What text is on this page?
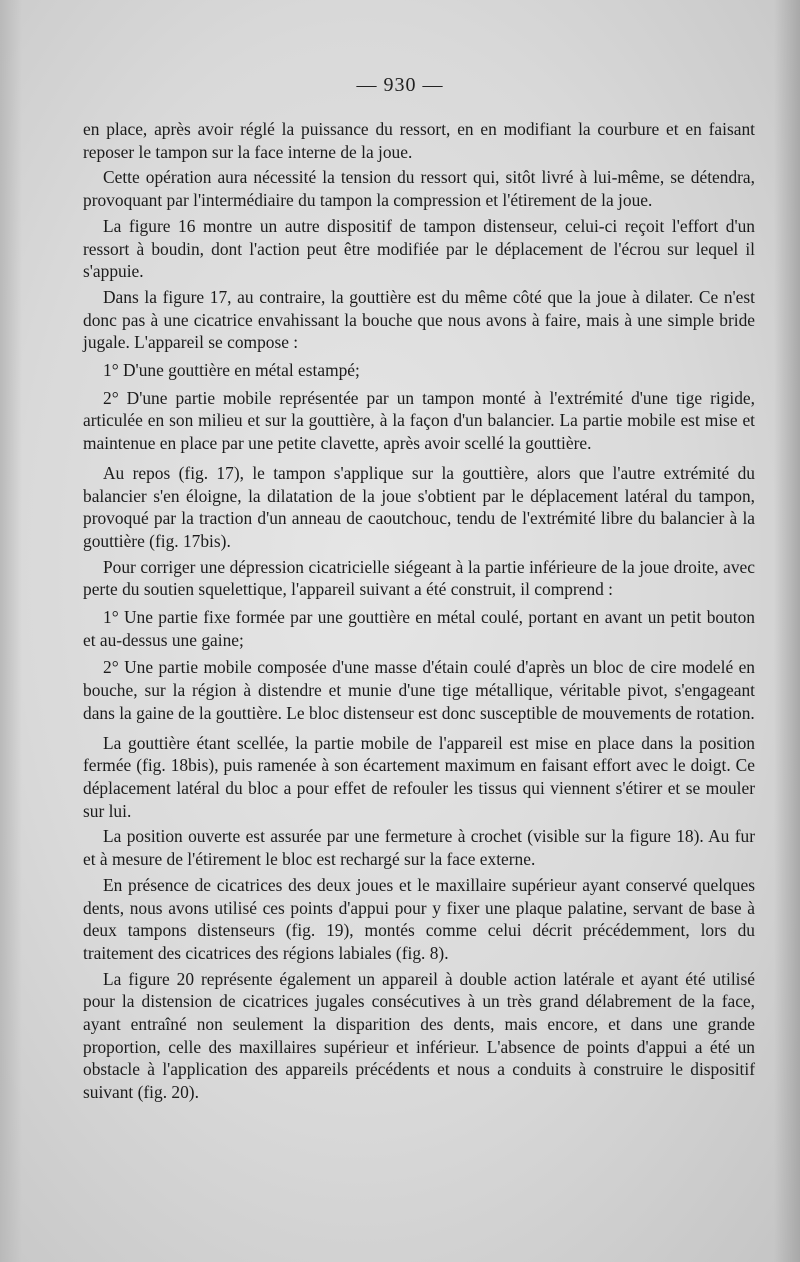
— 930 —

en place, après avoir réglé la puissance du ressort, en en modifiant la courbure et en faisant reposer le tampon sur la face interne de la joue.

Cette opération aura nécessité la tension du ressort qui, sitôt livré à lui-même, se détendra, provoquant par l'intermédiaire du tampon la compression et l'étirement de la joue.

La figure 16 montre un autre dispositif de tampon distenseur, celui-ci reçoit l'effort d'un ressort à boudin, dont l'action peut être modifiée par le déplacement de l'écrou sur lequel il s'appuie.

Dans la figure 17, au contraire, la gouttière est du même côté que la joue à dilater. Ce n'est donc pas à une cicatrice envahissant la bouche que nous avons à faire, mais à une simple bride jugale. L'appareil se compose :

1° D'une gouttière en métal estampé;

2° D'une partie mobile représentée par un tampon monté à l'extrémité d'une tige rigide, articulée en son milieu et sur la gouttière, à la façon d'un balancier. La partie mobile est mise et maintenue en place par une petite clavette, après avoir scellé la gouttière.

Au repos (fig. 17), le tampon s'applique sur la gouttière, alors que l'autre extrémité du balancier s'en éloigne, la dilatation de la joue s'obtient par le déplacement latéral du tampon, provoqué par la traction d'un anneau de caoutchouc, tendu de l'extrémité libre du balancier à la gouttière (fig. 17bis).

Pour corriger une dépression cicatricielle siégeant à la partie inférieure de la joue droite, avec perte du soutien squelettique, l'appareil suivant a été construit, il comprend :

1° Une partie fixe formée par une gouttière en métal coulé, portant en avant un petit bouton et au-dessus une gaine;

2° Une partie mobile composée d'une masse d'étain coulé d'après un bloc de cire modelé en bouche, sur la région à distendre et munie d'une tige métallique, véritable pivot, s'engageant dans la gaine de la gouttière. Le bloc distenseur est donc susceptible de mouvements de rotation.

La gouttière étant scellée, la partie mobile de l'appareil est mise en place dans la position fermée (fig. 18bis), puis ramenée à son écartement maximum en faisant effort avec le doigt. Ce déplacement latéral du bloc a pour effet de refouler les tissus qui viennent s'étirer et se mouler sur lui.

La position ouverte est assurée par une fermeture à crochet (visible sur la figure 18). Au fur et à mesure de l'étirement le bloc est rechargé sur la face externe.

En présence de cicatrices des deux joues et le maxillaire supérieur ayant conservé quelques dents, nous avons utilisé ces points d'appui pour y fixer une plaque palatine, servant de base à deux tampons distenseurs (fig. 19), montés comme celui décrit précédemment, lors du traitement des cicatrices des régions labiales (fig. 8).

La figure 20 représente également un appareil à double action latérale et ayant été utilisé pour la distension de cicatrices jugales consécutives à un très grand délabrement de la face, ayant entraîné non seulement la disparition des dents, mais encore, et dans une grande proportion, celle des maxillaires supérieur et inférieur. L'absence de points d'appui a été un obstacle à l'application des appareils précédents et nous a conduits à construire le dispositif suivant (fig. 20).
